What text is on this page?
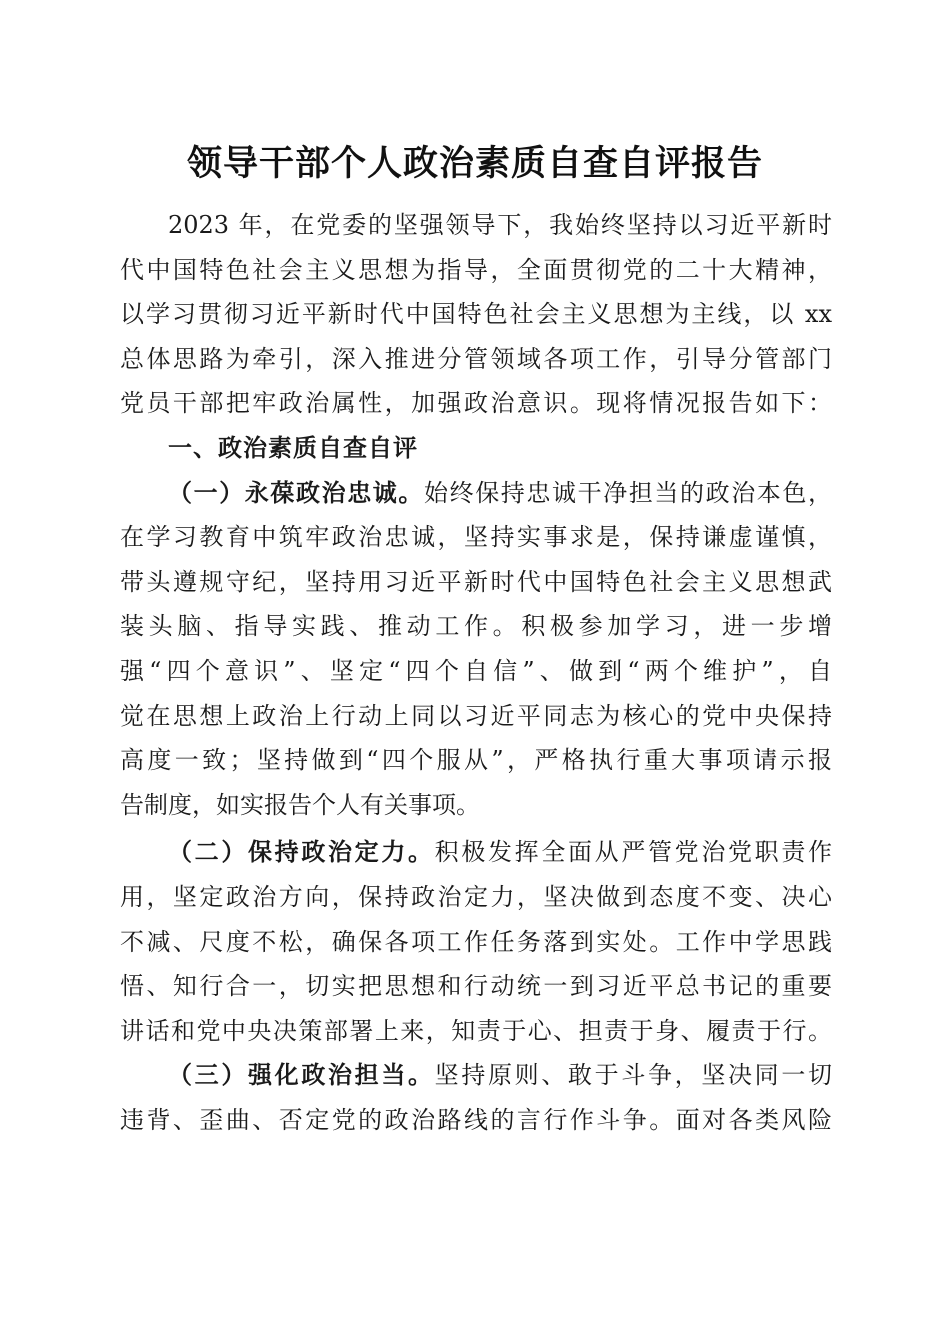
领导干部个人政治素质自查自评报告
2023 年，在党委的坚强领导下，我始终坚持以习近平新时
代中国特色社会主义思想为指导，全面贯彻党的二十大精神，
以学习贯彻习近平新时代中国特色社会主义思想为主线，以 xx
总体思路为牵引，深入推进分管领域各项工作，引导分管部门
党员干部把牢政治属性，加强政治意识。现将情况报告如下：
一、政治素质自查自评
（一）永葆政治忠诚。始终保持忠诚干净担当的政治本色，
在学习教育中筑牢政治忠诚，坚持实事求是，保持谦虚谨慎，
带头遵规守纪，坚持用习近平新时代中国特色社会主义思想武
装头脑、指导实践、推动工作。积极参加学习，进一步增
强“四个意识”、坚定“四个自信”、做到“两个维护”，自
觉在思想上政治上行动上同以习近平同志为核心的党中央保持
高度一致；坚持做到“四个服从”，严格执行重大事项请示报
告制度，如实报告个人有关事项。
（二）保持政治定力。积极发挥全面从严管党治党职责作
用，坚定政治方向，保持政治定力，坚决做到态度不变、决心
不减、尺度不松，确保各项工作任务落到实处。工作中学思践
悟、知行合一，切实把思想和行动统一到习近平总书记的重要
讲话和党中央决策部署上来，知责于心、担责于身、履责于行。
（三）强化政治担当。坚持原则、敢于斗争，坚决同一切
违背、歪曲、否定党的政治路线的言行作斗争。面对各类风险
